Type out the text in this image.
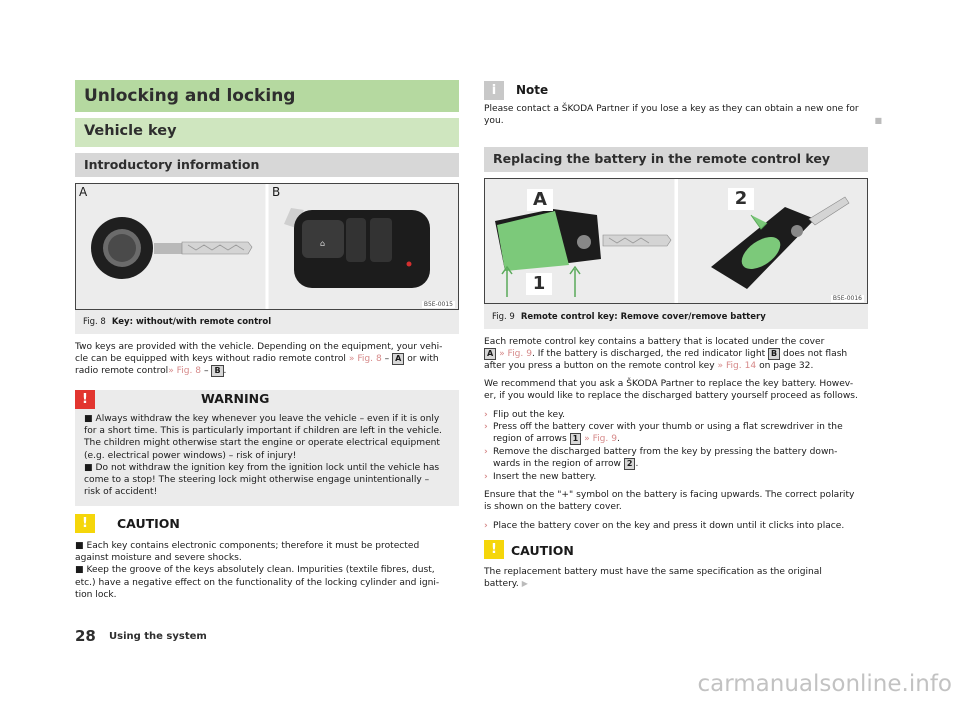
Unlocking and locking
Vehicle key
Introductory information
⌂
A	B
B5E-0015
Fig. 8 Key: without/with remote control
Two keys are provided with the vehicle. Depending on the equipment, your vehi-
cle can be equipped with keys without radio remote control » Fig. 8 – A or with
radio remote control» Fig. 8 – B .
!	WARNING
■ Always withdraw the key whenever you leave the vehicle – even if it is only
for a short time. This is particularly important if children are left in the vehicle.
The children might otherwise start the engine or operate electrical equipment
(e.g. electrical power windows) – risk of injury!
■ Do not withdraw the ignition key from the ignition lock until the vehicle has
come to a stop! The steering lock might otherwise engage unintentionally –
risk of accident!
!	CAUTION
■ Each key contains electronic components; therefore it must be protected
against moisture and severe shocks.
■ Keep the groove of the keys absolutely clean. Impurities (textile fibres, dust,
etc.) have a negative effect on the functionality of the locking cylinder and igni-
tion lock.
i	Note
Please contact a ŠKODA Partner if you lose a key as they can obtain a new one for
you.	■
Replacing the battery in the remote control key
A
1
2
B5E-0016
Fig. 9 Remote control key: Remove cover/remove battery
Each remote control key contains a battery that is located under the cover
A » Fig. 9. If the battery is discharged, the red indicator light B does not flash
after you press a button on the remote control key » Fig. 14 on page 32.
We recommend that you ask a ŠKODA Partner to replace the key battery. Howev-
er, if you would like to replace the discharged battery yourself proceed as follows.
› Flip out the key.
› Press off the battery cover with your thumb or using a flat screwdriver in the
region of arrows 1 » Fig. 9.
› Remove the discharged battery from the key by pressing the battery down-
wards in the region of arrow 2 .
› Insert the new battery.
Ensure that the "+" symbol on the battery is facing upwards. The correct polarity
is shown on the battery cover.
› Place the battery cover on the key and press it down until it clicks into place.
!	CAUTION
The replacement battery must have the same specification as the original battery. ▶
28 Using the system
carmanualsonline.info
